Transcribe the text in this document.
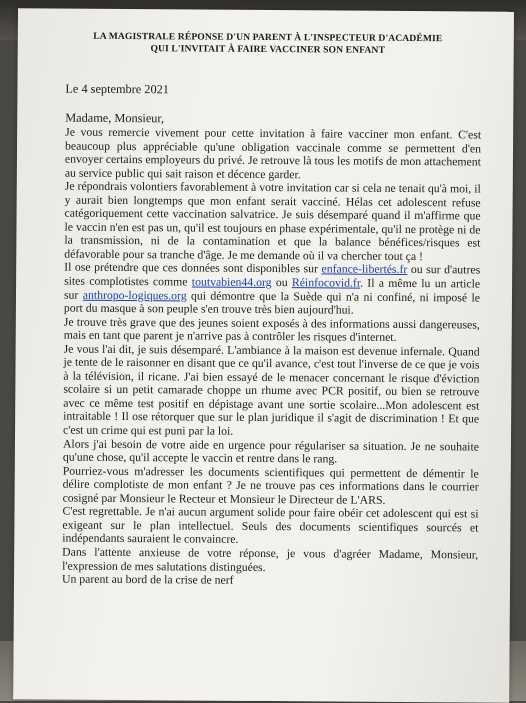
LA MAGISTRALE RÉPONSE D'UN PARENT À L'INSPECTEUR D'ACADÉMIE
QUI L'INVITAIT À FAIRE VACCINER SON ENFANT
Le 4 septembre 2021
Madame, Monsieur,

Je vous remercie vivement pour cette invitation à faire vacciner mon enfant. C'est beaucoup plus appréciable qu'une obligation vaccinale comme se permettent d'en envoyer certains employeurs du privé. Je retrouve là tous les motifs de mon attachement au service public qui sait raison et décence garder.

Je répondrais volontiers favorablement à votre invitation car si cela ne tenait qu'à moi, il y aurait bien longtemps que mon enfant serait vacciné. Hélas cet adolescent refuse catégoriquement cette vaccination salvatrice. Je suis désemparé quand il m'affirme que le vaccin n'en est pas un, qu'il est toujours en phase expérimentale, qu'il ne protège ni de la transmission, ni de la contamination et que la balance bénéfices/risques est défavorable pour sa tranche d'âge. Je me demande où il va chercher tout ça !

Il ose prétendre que ces données sont disponibles sur enfance-libertés.fr ou sur d'autres sites complotistes comme toutvabien44.org ou Réinfocovid.fr. Il a même lu un article sur anthropo-logiques.org qui démontre que la Suède qui n'a ni confiné, ni imposé le port du masque à son peuple s'en trouve très bien aujourd'hui.

Je trouve très grave que des jeunes soient exposés à des informations aussi dangereuses, mais en tant que parent je n'arrive pas à contrôler les risques d'internet.

Je vous l'ai dit, je suis désemparé. L'ambiance à la maison est devenue infernale. Quand je tente de le raisonner en disant que ce qu'il avance, c'est tout l'inverse de ce que je vois à la télévision, il ricane. J'ai bien essayé de le menacer concernant le risque d'éviction scolaire si un petit camarade choppe un rhume avec PCR positif, ou bien se retrouve avec ce même test positif en dépistage avant une sortie scolaire...Mon adolescent est intraitable ! Il ose rétorquer que sur le plan juridique il s'agit de discrimination ! Et que c'est un crime qui est puni par la loi.

Alors j'ai besoin de votre aide en urgence pour régulariser sa situation. Je ne souhaite qu'une chose, qu'il accepte le vaccin et rentre dans le rang.

Pourriez-vous m'adresser les documents scientifiques qui permettent de démentir le délire complotiste de mon enfant ? Je ne trouve pas ces informations dans le courrier cosigné par Monsieur le Recteur et Monsieur le Directeur de L'ARS.

C'est regrettable. Je n'ai aucun argument solide pour faire obéir cet adolescent qui est si exigeant sur le plan intellectuel. Seuls des documents scientifiques sourcés et indépendants sauraient le convaincre.

Dans l'attente anxieuse de votre réponse, je vous d'agréer Madame, Monsieur, l'expression de mes salutations distinguées.

Un parent au bord de la crise de nerf
